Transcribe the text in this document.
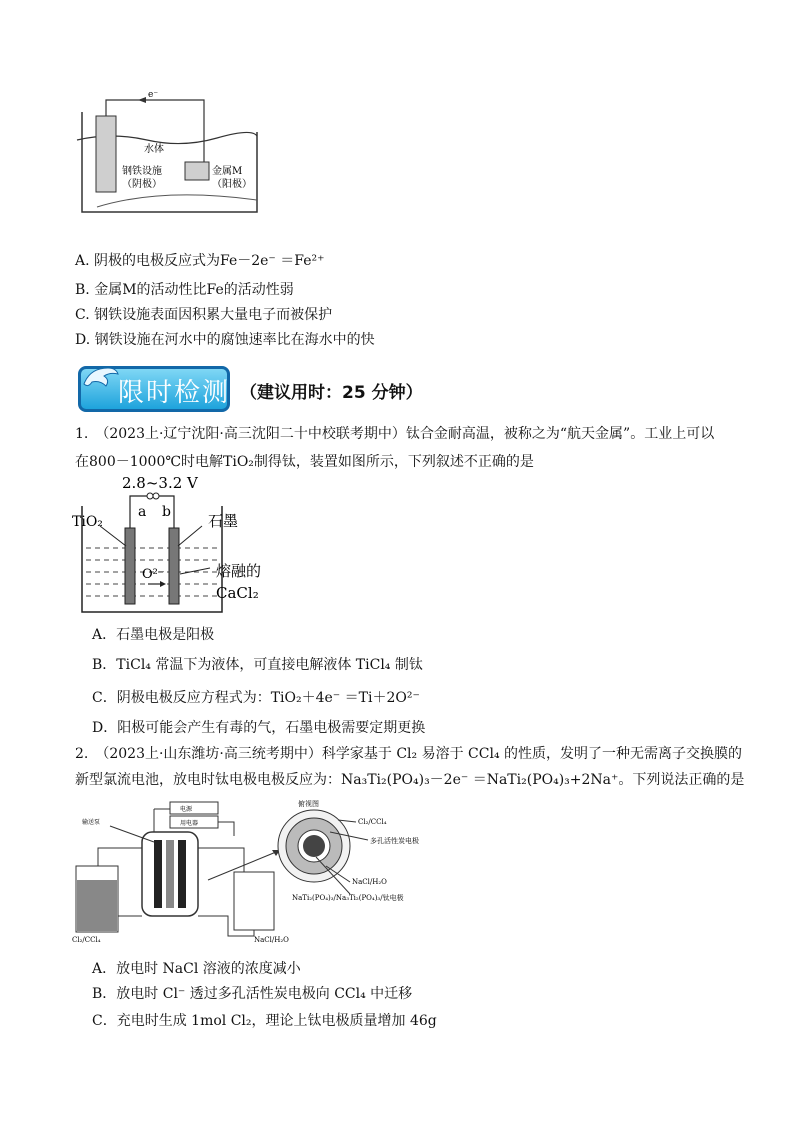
e⁻
水体
钢铁设施
（阴极）
金属M
（阳极）
A. 阴极的电极反应式为Fe－2e⁻ ＝Fe²⁺
B. 金属M的活动性比Fe的活动性弱
C. 钢铁设施表面因积累大量电子而被保护
D. 钢铁设施在河水中的腐蚀速率比在海水中的快
限时检测 （建议用时：25 分钟）
1.　（2023上·辽宁沈阳·高三沈阳二十中校联考期中）钛合金耐高温，被称之为“航天金属”。工业上可以
在800－1000℃时电解TiO₂制得钛，装置如图所示，下列叙述不正确的是
2.8~3.2 V
a b
TiO₂	石墨
O²⁻	熔融的
CaCl₂
A．石墨电极是阳极
B．TiCl₄ 常温下为液体，可直接电解液体 TiCl₄ 制钛
C．阴极电极反应方程式为：TiO₂＋4e⁻ ＝Ti＋2O²⁻
D．阳极可能会产生有毒的气，石墨电极需要定期更换
2.　（2023上·山东潍坊·高三统考期中）科学家基于 Cl₂ 易溶于 CCl₄ 的性质，发明了一种无需离子交换膜的
新型氯流电池，放电时钛电极电极反应为：Na₃Ti₂(PO₄)₃－2e⁻ ＝NaTi₂(PO₄)₃+2Na⁺。下列说法正确的是
输送泵
电源
用电器
俯视图
Cl₂/CCl₄
多孔活性炭电极
NaCl/H₂O
NaTi₂(PO₄)₃/Na₃Ti₂(PO₄)₃/钛电极
Cl₂/CCl₄	NaCl/H₂O
A．放电时 NaCl 溶液的浓度减小
B．放电时 Cl⁻ 透过多孔活性炭电极向 CCl₄ 中迁移
C．充电时生成 1mol Cl₂，理论上钛电极质量增加 46g
